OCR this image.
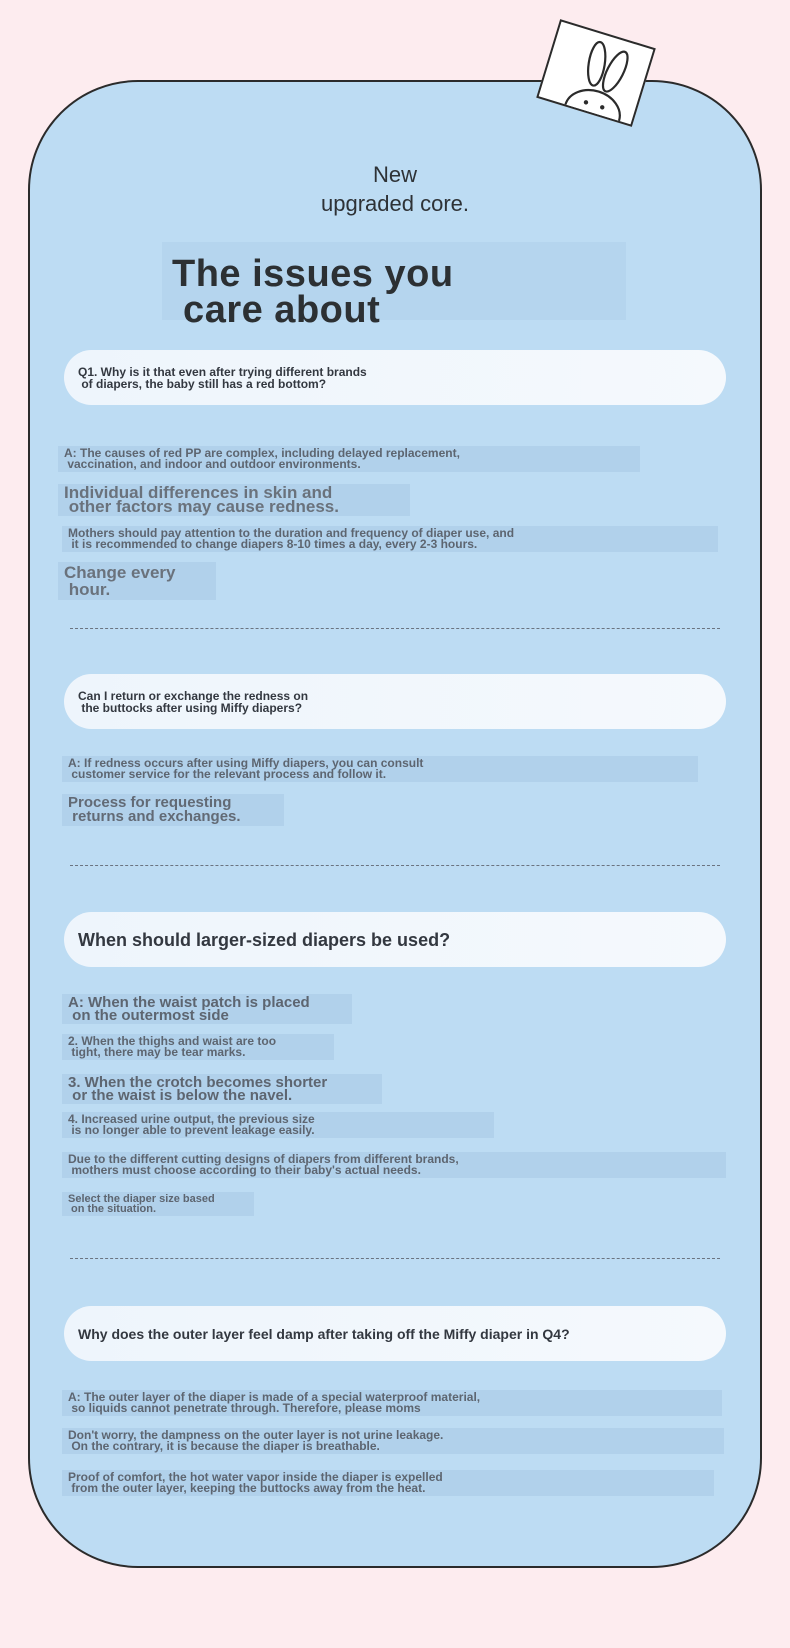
New
upgraded core.
The issues you
care about
Q1. Why is it that even after trying different brands
of diapers, the baby still has a red bottom?
A: The causes of red PP are complex, including delayed replacement,
vaccination, and indoor and outdoor environments.
Individual differences in skin and
other factors may cause redness.
Mothers should pay attention to the duration and frequency of diaper use, and
it is recommended to change diapers 8-10 times a day, every 2-3 hours.
Change every
hour.
Can I return or exchange the redness on
the buttocks after using Miffy diapers?
A: If redness occurs after using Miffy diapers, you can consult
customer service for the relevant process and follow it.
Process for requesting
returns and exchanges.
When should larger-sized diapers be used?
A: When the waist patch is placed
on the outermost side
2. When the thighs and waist are too
tight, there may be tear marks.
3. When the crotch becomes shorter
or the waist is below the navel.
4. Increased urine output, the previous size
is no longer able to prevent leakage easily.
Due to the different cutting designs of diapers from different brands,
mothers must choose according to their baby's actual needs.
Select the diaper size based
on the situation.
Why does the outer layer feel damp after taking off the Miffy diaper in Q4?
A: The outer layer of the diaper is made of a special waterproof material,
so liquids cannot penetrate through. Therefore, please moms
Don't worry, the dampness on the outer layer is not urine leakage.
On the contrary, it is because the diaper is breathable.
Proof of comfort, the hot water vapor inside the diaper is expelled
from the outer layer, keeping the buttocks away from the heat.
